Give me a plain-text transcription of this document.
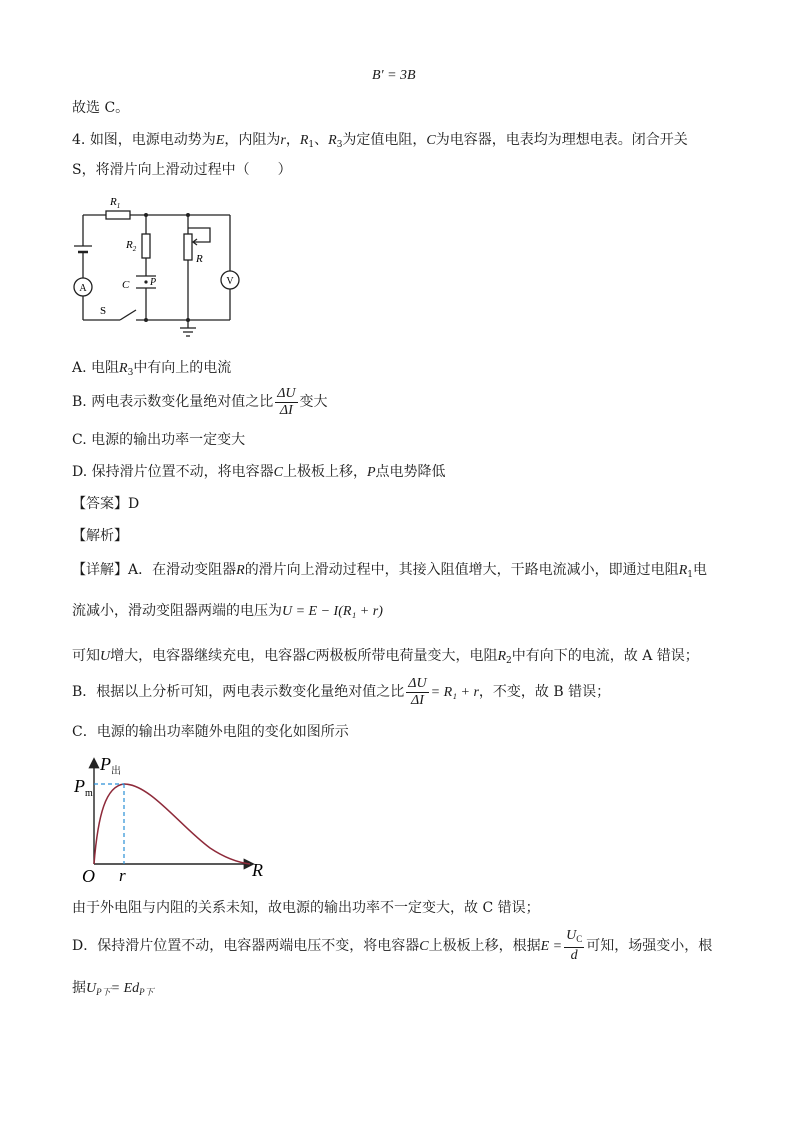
B′ = 3B
故选 C。
4. 如图，电源电动势为E，内阻为r，$R_1$、$R_3$为定值电阻，C为电容器，电表均为理想电表。闭合开关
S，将滑片向上滑动过程中（　　）
A
V
$R_1$
$R_2$
R
C P
S
A. 电阻$R_3$中有向上的电流
B. 两电表示数变化量绝对值之比 $\frac{\Delta U}{\Delta I}$ 变大
C. 电源的输出功率一定变大
D. 保持滑片位置不动，将电容器C上极板上移，P点电势降低
【答案】D
【解析】
【详解】A．在滑动变阻器R的滑片向上滑动过程中，其接入阻值增大，干路电流减小，即通过电阻$R_1$电
流减小，滑动变阻器两端的电压为U = E − I(R₁ + r)
可知U增大，电容器继续充电，电容器C两极板所带电荷量变大，电阻$R_2$中有向下的电流，故 A 错误；
B．根据以上分析可知，两电表示数变化量绝对值之比 $\frac{\Delta U}{\Delta I} = R_1 + r$，不变，故 B 错误；
C．电源的输出功率随外电阻的变化如图所示
$P_出$
$P_m$
O r	R
由于外电阻与内阻的关系未知，故电源的输出功率不一定变大，故 C 错误；
D．保持滑片位置不动，电容器两端电压不变，将电容器C上极板上移，根据$E = \frac{U_C}{d}$ 可知，场强变小，根
据$U_{P下}= Ed_{P下}$
